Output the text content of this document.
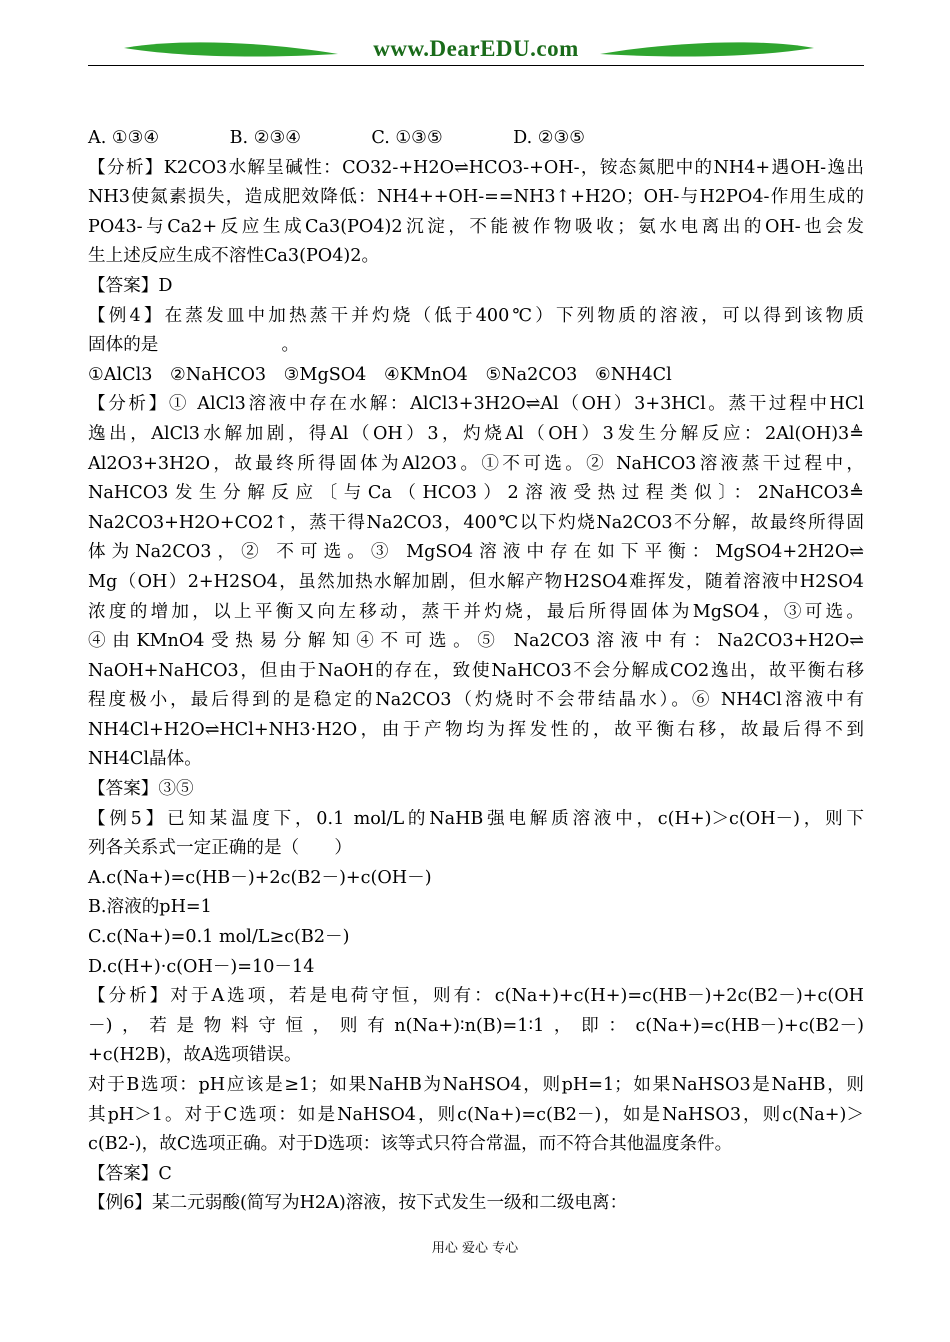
www.DearEDU.com
A. ①③④　　　　B. ②③④　　　　C. ①③⑤　　　　D. ②③⑤
【分析】K2CO3水解呈碱性：CO32-+H2O⇌HCO3-+OH-，铵态氮肥中的NH4+遇OH-逸出
NH3使氮素损失，造成肥效降低：NH4++OH-==NH3↑+H2O；OH-与H2PO4-作用生成的
PO43-与Ca2+反应生成Ca3(PO4)2沉淀，不能被作物吸收；氨水电离出的OH-也会发
生上述反应生成不溶性Ca3(PO4)2。
【答案】D
【例4】在蒸发皿中加热蒸干并灼烧（低于400℃）下列物质的溶液，可以得到该物质
固体的是　　　　　　　。
①AlCl3　②NaHCO3　③MgSO4　④KMnO4　⑤Na2CO3　⑥NH4Cl
【分析】① AlCl3溶液中存在水解：AlCl3+3H2O⇌Al（OH）3+3HCl。蒸干过程中HCl
逸出，AlCl3水解加剧，得Al（OH）3，灼烧Al（OH）3发生分解反应：2Al(OH)3≜
Al2O3+3H2O，故最终所得固体为Al2O3。①不可选。② NaHCO3溶液蒸干过程中，
NaHCO3发生分解反应〔与Ca（HCO3）2溶液受热过程类似〕：2NaHCO3≜
Na2CO3+H2O+CO2↑，蒸干得Na2CO3，400℃以下灼烧Na2CO3不分解，故最终所得固
体为Na2CO3，② 不可选。③ MgSO4溶液中存在如下平衡：MgSO4+2H2O⇌
Mg（OH）2+H2SO4，虽然加热水解加剧，但水解产物H2SO4难挥发，随着溶液中H2SO4
浓度的增加，以上平衡又向左移动，蒸干并灼烧，最后所得固体为MgSO4，③可选。
④由KMnO4受热易分解知④不可选。⑤ Na2CO3溶液中有：Na2CO3+H2O⇌
NaOH+NaHCO3，但由于NaOH的存在，致使NaHCO3不会分解成CO2逸出，故平衡右移
程度极小，最后得到的是稳定的Na2CO3（灼烧时不会带结晶水）。⑥ NH4Cl溶液中有
NH4Cl+H2O⇌HCl+NH3·H2O，由于产物均为挥发性的，故平衡右移，故最后得不到
NH4Cl晶体。
【答案】③⑤
【例5】已知某温度下，0.1 mol/L的NaHB强电解质溶液中，c(H+)＞c(OH－)，则下
列各关系式一定正确的是（　　）
A.c(Na+)=c(HB－)+2c(B2－)+c(OH－)
B.溶液的pH=1
C.c(Na+)=0.1 mol/L≥c(B2－)
D.c(H+)·c(OH－)=10－14
【分析】对于A选项，若是电荷守恒，则有：c(Na+)+c(H+)=c(HB－)+2c(B2－)+c(OH
－)，若是物料守恒，则有n(Na+)∶n(B)=1∶1，即：c(Na+)=c(HB－)+c(B2－)
+c(H2B)，故A选项错误。
对于B选项：pH应该是≥1；如果NaHB为NaHSO4，则pH=1；如果NaHSO3是NaHB，则
其pH＞1。对于C选项：如是NaHSO4，则c(Na+)=c(B2－)，如是NaHSO3，则c(Na+)＞
c(B2-)，故C选项正确。对于D选项：该等式只符合常温，而不符合其他温度条件。
【答案】C
【例6】某二元弱酸(简写为H2A)溶液，按下式发生一级和二级电离：
用心 爱心 专心
